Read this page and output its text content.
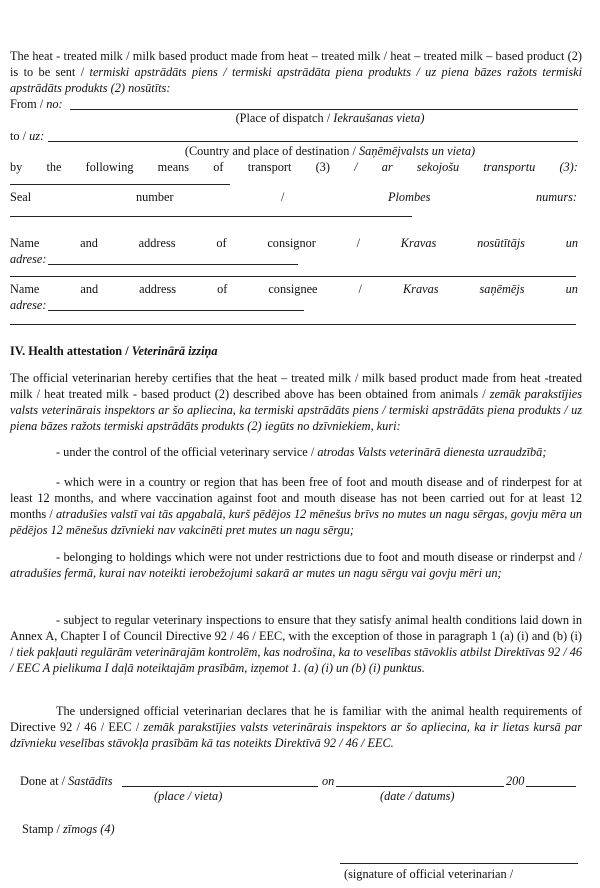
The heat - treated milk / milk based product made from heat – treated milk / heat – treated milk – based product (2) is to be sent / termiski apstrādāts piens / termiski apstrādāta piena produkts / uz piena bāzes ražots termiski apstrādāts produkts (2) nosūtīts:
From / no:
(Place of dispatch / Iekraušanas vieta)
to / uz:
(Country and place of destination / Saņēmējvalsts un vieta)
by the following means of transport (3) / ar sekojošu transportu (3):
Seal	number	/	Plombes	numurs:
Name	and	address	of	consignor	/	Kravas	nosūtītājs	un
adrese:
Name	and	address	of	consignee	/	Kravas	saņēmējs	un
adrese:
IV. Health attestation / Veterinārā izziņa
The official veterinarian hereby certifies that the heat – treated milk / milk based product made from heat -treated milk / heat treated milk - based product (2) described above has been obtained from animals / zemāk parakstījies valsts veterinārais inspektors ar šo apliecina, ka termiski apstrādāts piens / termiski apstrādāts piena produkts / uz piena bāzes ražots termiski apstrādāts produkts (2) iegūts no dzīvniekiem, kuri:
- under the control of the official veterinary service / atrodas Valsts veterinārā dienesta uzraudzībā;
- which were in a country or region that has been free of foot and mouth disease and of rinderpest for at least 12 months, and where vaccination against foot and mouth disease has not been carried out for at least 12 months / atradušies valstī vai tās apgabalā, kurš pēdējos 12 mēnešus brīvs no mutes un nagu sērgas, govju mēra un pēdējos 12 mēnešus dzīvnieki nav vakcinēti pret mutes un nagu sērgu;
- belonging to holdings which were not under restrictions due to foot and mouth disease or rinderpst and / atradušies fermā, kurai nav noteikti ierobežojumi sakarā ar mutes un nagu sērgu vai govju mēri un;
- subject to regular veterinary inspections to ensure that they satisfy animal health conditions laid down in Annex A, Chapter I of Council Directive 92 / 46 / EEC, with the exception of those in paragraph 1 (a) (i) and (b) (i) / tiek pakļauti regulārām veterinārajām kontrolēm, kas nodrošina, ka to veselības stāvoklis atbilst Direktīvas 92 / 46 / EEC A pielikuma I daļā noteiktajām prasībām, izņemot 1. (a) (i) un (b) (i) punktus.
The undersigned official veterinarian declares that he is familiar with the animal health requirements of Directive 92 / 46 / EEC / zemāk parakstījies valsts veterinārais inspektors ar šo apliecina, ka ir lietas kursā par dzīvnieku veselības stāvokļa prasībām kā tas noteikts Direktīvā 92 / 46 / EEC.
Done at / Sastādīts	on	200
(place / vieta)	(date / datums)
Stamp / zīmogs (4)
(signature of official veterinarian /
